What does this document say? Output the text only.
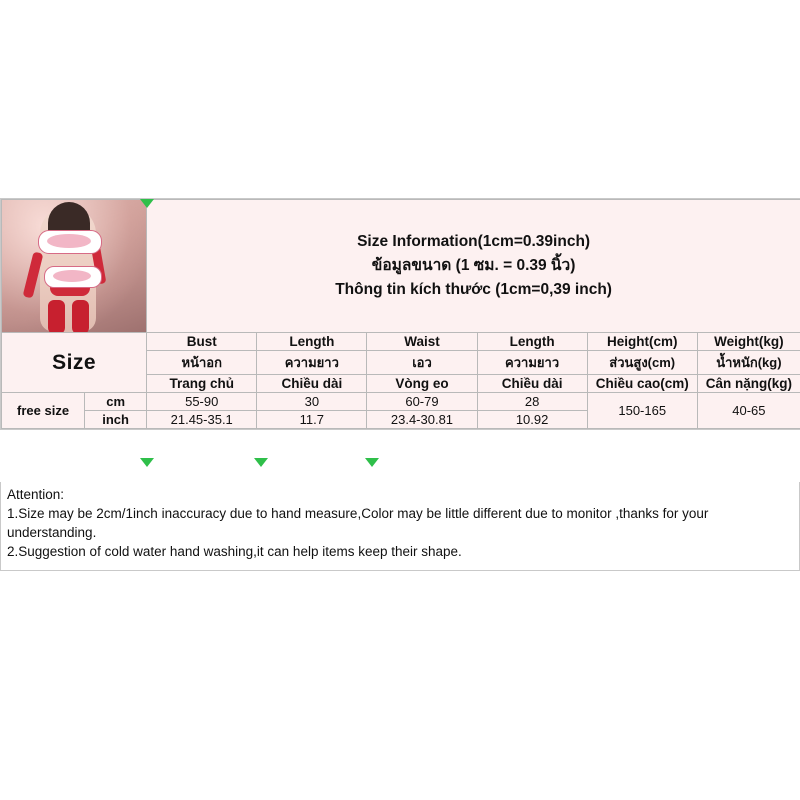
		Size Information(1cm=0.39inch)
ข้อมูลขนาด (1 ซม. = 0.39 นิ้ว)
Thông tin kích thước (1cm=0,39 inch)					

Size		Bust	Length	Waist	Length	Height(cm)	Weight(kg)
		หน้าอก	ความยาว	เอว	ความยาว	ส่วนสูง(cm)	น้ำหนัก(kg)
		Trang chủ	Chiều dài	Vòng eo	Chiều dài	Chiều cao(cm)	Cân nặng(kg)
free size	cm	55-90	30	60-79	28	150-165	40-65
	inch	21.45-35.1	11.7	23.4-30.81	10.92		

Attention:

1.Size may be 2cm/1inch inaccuracy due to hand measure,Color may be little different due to monitor ,thanks for your

understanding.

2.Suggestion of cold water hand washing,it can help items keep their shape.
